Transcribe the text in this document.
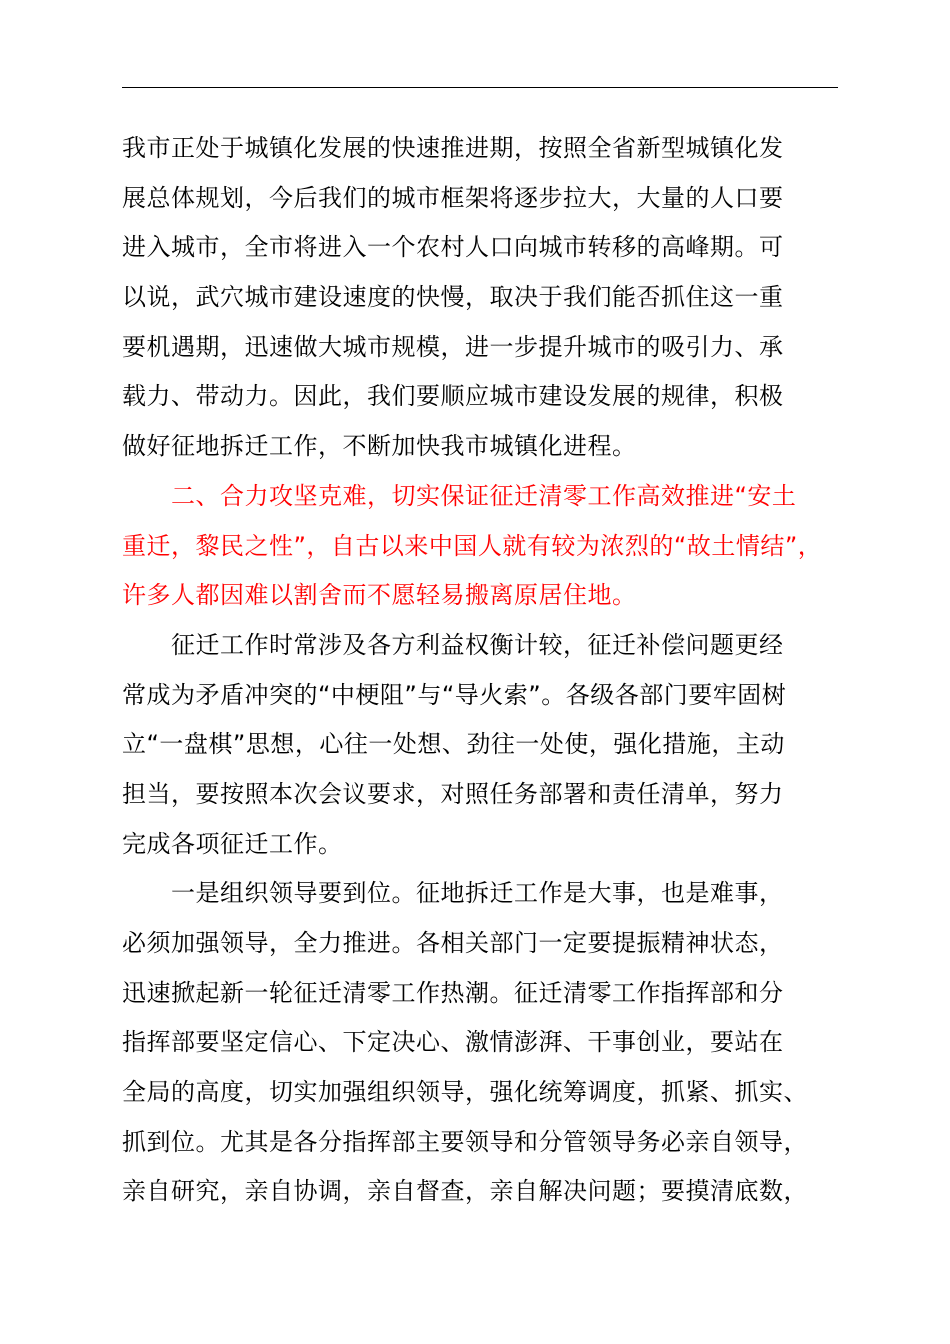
我市正处于城镇化发展的快速推进期，按照全省新型城镇化发
展总体规划，今后我们的城市框架将逐步拉大，大量的人口要
进入城市，全市将进入一个农村人口向城市转移的高峰期。可
以说，武穴城市建设速度的快慢，取决于我们能否抓住这一重
要机遇期，迅速做大城市规模，进一步提升城市的吸引力、承
载力、带动力。因此，我们要顺应城市建设发展的规律，积极
做好征地拆迁工作，不断加快我市城镇化进程。
　　二、合力攻坚克难，切实保证征迁清零工作高效推进“安土
重迁，黎民之性”，自古以来中国人就有较为浓烈的“故土情结”，
许多人都因难以割舍而不愿轻易搬离原居住地。
　　征迁工作时常涉及各方利益权衡计较，征迁补偿问题更经
常成为矛盾冲突的“中梗阻”与“导火索”。各级各部门要牢固树
立“一盘棋”思想，心往一处想、劲往一处使，强化措施，主动
担当，要按照本次会议要求，对照任务部署和责任清单，努力
完成各项征迁工作。
　　一是组织领导要到位。征地拆迁工作是大事，也是难事，
必须加强领导，全力推进。各相关部门一定要提振精神状态，
迅速掀起新一轮征迁清零工作热潮。征迁清零工作指挥部和分
指挥部要坚定信心、下定决心、激情澎湃、干事创业，要站在
全局的高度，切实加强组织领导，强化统筹调度，抓紧、抓实、
抓到位。尤其是各分指挥部主要领导和分管领导务必亲自领导，
亲自研究，亲自协调，亲自督查，亲自解决问题；要摸清底数，
